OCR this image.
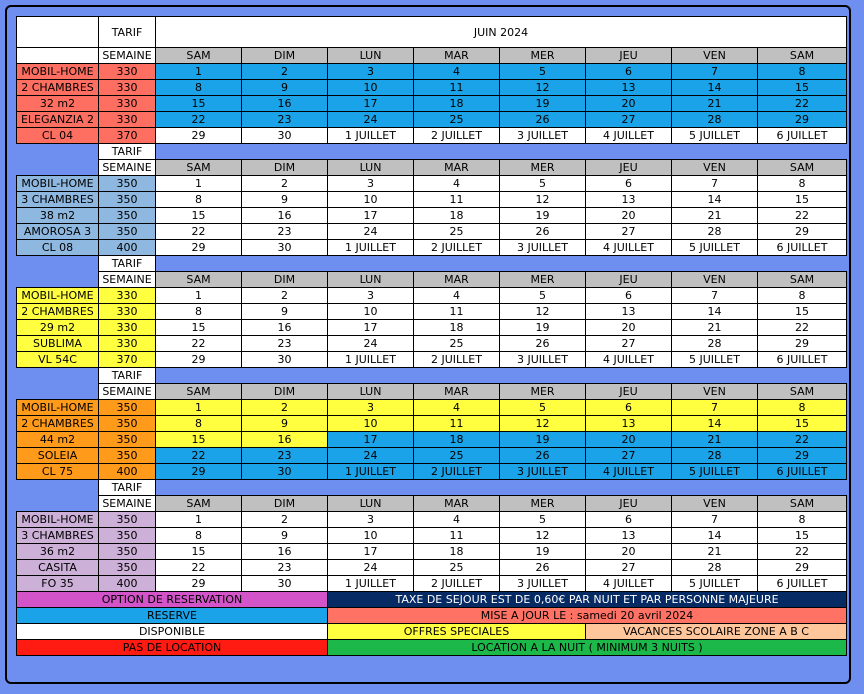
	TARIF	JUIN 2024							
	SEMAINE	SAM	DIM	LUN	MAR	MER	JEU	VEN	SAM
MOBIL-HOME	330	1	2	3	4	5	6	7	8
2 CHAMBRES	330	8	9	10	11	12	13	14	15
32 m2	330	15	16	17	18	19	20	21	22
ELEGANZIA 2	330	22	23	24	25	26	27	28	29
CL 04	370	29	30	1 JUILLET	2 JUILLET	3 JUILLET	4 JUILLET	5 JUILLET	6 JUILLET
	TARIF								
	SEMAINE	SAM	DIM	LUN	MAR	MER	JEU	VEN	SAM
MOBIL-HOME	350	1	2	3	4	5	6	7	8
3 CHAMBRES	350	8	9	10	11	12	13	14	15
38 m2	350	15	16	17	18	19	20	21	22
AMOROSA 3	350	22	23	24	25	26	27	28	29
CL 08	400	29	30	1 JUILLET	2 JUILLET	3 JUILLET	4 JUILLET	5 JUILLET	6 JUILLET
	TARIF								
	SEMAINE	SAM	DIM	LUN	MAR	MER	JEU	VEN	SAM
MOBIL-HOME	330	1	2	3	4	5	6	7	8
2 CHAMBRES	330	8	9	10	11	12	13	14	15
29 m2	330	15	16	17	18	19	20	21	22
SUBLIMA	330	22	23	24	25	26	27	28	29
VL 54C	370	29	30	1 JUILLET	2 JUILLET	3 JUILLET	4 JUILLET	5 JUILLET	6 JUILLET
	TARIF								
	SEMAINE	SAM	DIM	LUN	MAR	MER	JEU	VEN	SAM
MOBIL-HOME	350	1	2	3	4	5	6	7	8
2 CHAMBRES	350	8	9	10	11	12	13	14	15
44 m2	350	15	16	17	18	19	20	21	22
SOLEIA	350	22	23	24	25	26	27	28	29
CL 75	400	29	30	1 JUILLET	2 JUILLET	3 JUILLET	4 JUILLET	5 JUILLET	6 JUILLET
	TARIF								
	SEMAINE	SAM	DIM	LUN	MAR	MER	JEU	VEN	SAM
MOBIL-HOME	350	1	2	3	4	5	6	7	8
3 CHAMBRES	350	8	9	10	11	12	13	14	15
36 m2	350	15	16	17	18	19	20	21	22
CASITA	350	22	23	24	25	26	27	28	29
FO 35	400	29	30	1 JUILLET	2 JUILLET	3 JUILLET	4 JUILLET	5 JUILLET	6 JUILLET
OPTION DE RESERVATION				TAXE DE SEJOUR EST DE 0,60€ PAR NUIT ET PAR PERSONNE MAJEURE					
RESERVE				MISE A JOUR LE : samedi 20 avril 2024					
DISPONIBLE				OFFRES SPECIALES			VACANCES SCOLAIRE ZONE A B C		
PAS DE LOCATION				LOCATION A LA NUIT ( MINIMUM 3 NUITS )					
